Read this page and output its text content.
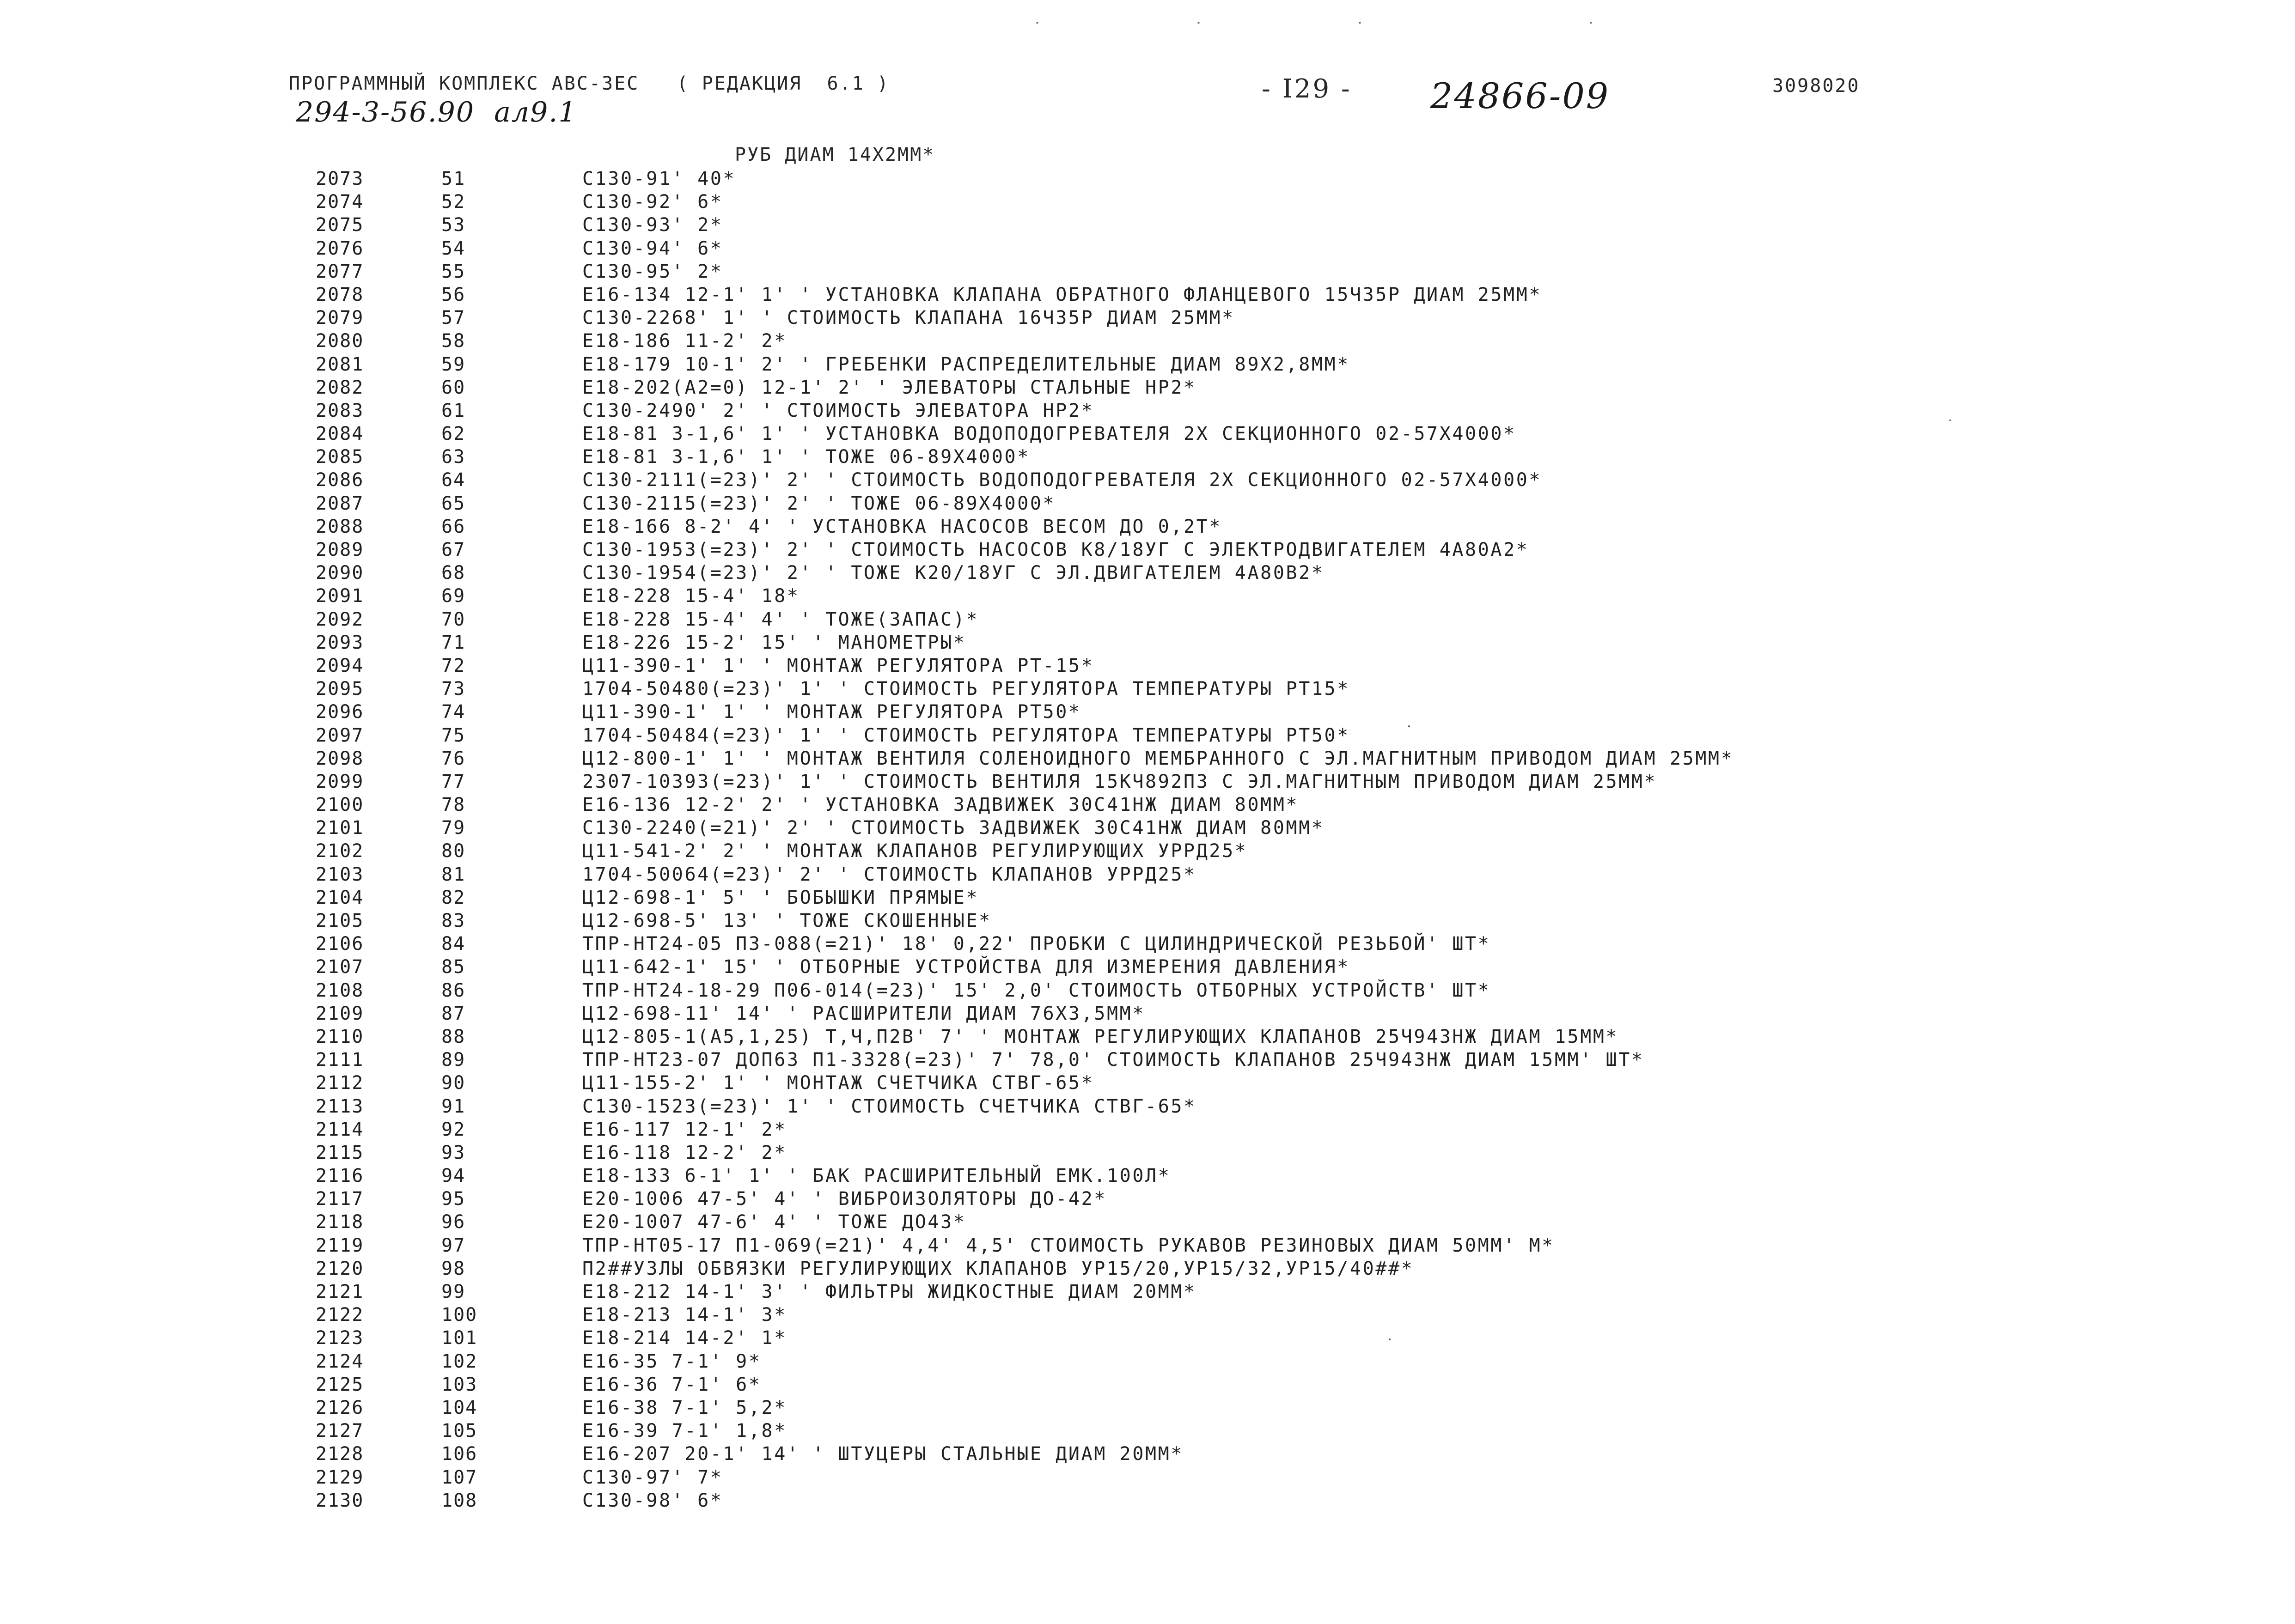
ПРОГРАММНЫЙ КОМПЛЕКС АВС-ЗЕС   ( РЕДАКЦИЯ  6.1 )	- I29 - 24866-09	3098020
294-3-56.90  ал9.1
РУБ ДИАМ 14Х2ММ*
2073	51	С130-91' 40*
2074	52	С130-92' 6*
2075	53	С130-93' 2*
2076	54	С130-94' 6*
2077	55	С130-95' 2*
2078	56	Е16-134 12-1' 1' ' УСТАНОВКА КЛАПАНА ОБРАТНОГО ФЛАНЦЕВОГО 15Ч35Р ДИАМ 25ММ*
2079	57	С130-2268' 1' ' СТОИМОСТЬ КЛАПАНА 16Ч35Р ДИАМ 25ММ*
2080	58	Е18-186 11-2' 2*
2081	59	Е18-179 10-1' 2' ' ГРЕБЕНКИ РАСПРЕДЕЛИТЕЛЬНЫЕ ДИАМ 89Х2,8ММ*
2082	60	Е18-202(А2=0) 12-1' 2' ' ЭЛЕВАТОРЫ СТАЛЬНЫЕ НР2*
2083	61	С130-2490' 2' ' СТОИМОСТЬ ЭЛЕВАТОРА НР2*
2084	62	Е18-81 3-1,6' 1' ' УСТАНОВКА ВОДОПОДОГРЕВАТЕЛЯ 2Х СЕКЦИОННОГО 02-57Х4000*
2085	63	Е18-81 3-1,6' 1' ' ТОЖЕ 06-89Х4000*
2086	64	С130-2111(=23)' 2' ' СТОИМОСТЬ ВОДОПОДОГРЕВАТЕЛЯ 2Х СЕКЦИОННОГО 02-57Х4000*
2087	65	С130-2115(=23)' 2' ' ТОЖЕ 06-89Х4000*
2088	66	Е18-166 8-2' 4' ' УСТАНОВКА НАСОСОВ ВЕСОМ ДО 0,2Т*
2089	67	С130-1953(=23)' 2' ' СТОИМОСТЬ НАСОСОВ К8/18УГ С ЭЛЕКТРОДВИГАТЕЛЕМ 4А80А2*
2090	68	С130-1954(=23)' 2' ' ТОЖЕ К20/18УГ С ЭЛ.ДВИГАТЕЛЕМ 4А80В2*
2091	69	Е18-228 15-4' 18*
2092	70	Е18-228 15-4' 4' ' ТОЖЕ(ЗАПАС)*
2093	71	Е18-226 15-2' 15' ' МАНОМЕТРЫ*
2094	72	Ц11-390-1' 1' ' МОНТАЖ РЕГУЛЯТОРА РТ-15*
2095	73	1704-50480(=23)' 1' ' СТОИМОСТЬ РЕГУЛЯТОРА ТЕМПЕРАТУРЫ РТ15*
2096	74	Ц11-390-1' 1' ' МОНТАЖ РЕГУЛЯТОРА РТ50*
2097	75	1704-50484(=23)' 1' ' СТОИМОСТЬ РЕГУЛЯТОРА ТЕМПЕРАТУРЫ РТ50*
2098	76	Ц12-800-1' 1' ' МОНТАЖ ВЕНТИЛЯ СОЛЕНОИДНОГО МЕМБРАННОГО С ЭЛ.МАГНИТНЫМ ПРИВОДОМ ДИАМ 25ММ*
2099	77	2307-10393(=23)' 1' ' СТОИМОСТЬ ВЕНТИЛЯ 15КЧ892П3 С ЭЛ.МАГНИТНЫМ ПРИВОДОМ ДИАМ 25ММ*
2100	78	Е16-136 12-2' 2' ' УСТАНОВКА ЗАДВИЖЕК 30С41НЖ ДИАМ 80ММ*
2101	79	С130-2240(=21)' 2' ' СТОИМОСТЬ ЗАДВИЖЕК 30С41НЖ ДИАМ 80ММ*
2102	80	Ц11-541-2' 2' ' МОНТАЖ КЛАПАНОВ РЕГУЛИРУЮЩИХ УРРД25*
2103	81	1704-50064(=23)' 2' ' СТОИМОСТЬ КЛАПАНОВ УРРД25*
2104	82	Ц12-698-1' 5' ' БОБЫШКИ ПРЯМЫЕ*
2105	83	Ц12-698-5' 13' ' ТОЖЕ СКОШЕННЫЕ*
2106	84	ТПР-НТ24-05 П3-088(=21)' 18' 0,22' ПРОБКИ С ЦИЛИНДРИЧЕСКОЙ РЕЗЬБОЙ' ШТ*
2107	85	Ц11-642-1' 15' ' ОТБОРНЫЕ УСТРОЙСТВА ДЛЯ ИЗМЕРЕНИЯ ДАВЛЕНИЯ*
2108	86	ТПР-НТ24-18-29 П06-014(=23)' 15' 2,0' СТОИМОСТЬ ОТБОРНЫХ УСТРОЙСТВ' ШТ*
2109	87	Ц12-698-11' 14' ' РАСШИРИТЕЛИ ДИАМ 76Х3,5ММ*
2110	88	Ц12-805-1(А5,1,25) Т,Ч,П2В' 7' ' МОНТАЖ РЕГУЛИРУЮЩИХ КЛАПАНОВ 25Ч943НЖ ДИАМ 15ММ*
2111	89	ТПР-НТ23-07 ДОП63 П1-3328(=23)' 7' 78,0' СТОИМОСТЬ КЛАПАНОВ 25Ч943НЖ ДИАМ 15ММ' ШТ*
2112	90	Ц11-155-2' 1' ' МОНТАЖ СЧЕТЧИКА СТВГ-65*
2113	91	С130-1523(=23)' 1' ' СТОИМОСТЬ СЧЕТЧИКА СТВГ-65*
2114	92	Е16-117 12-1' 2*
2115	93	Е16-118 12-2' 2*
2116	94	Е18-133 6-1' 1' ' БАК РАСШИРИТЕЛЬНЫЙ ЕМК.100Л*
2117	95	Е20-1006 47-5' 4' ' ВИБРОИЗОЛЯТОРЫ ДО-42*
2118	96	Е20-1007 47-6' 4' ' ТОЖЕ ДО43*
2119	97	ТПР-НТ05-17 П1-069(=21)' 4,4' 4,5' СТОИМОСТЬ РУКАВОВ РЕЗИНОВЫХ ДИАМ 50ММ' М*
2120	98	П2##УЗЛЫ ОБВЯЗКИ РЕГУЛИРУЮЩИХ КЛАПАНОВ УР15/20,УР15/32,УР15/40##*
2121	99	Е18-212 14-1' 3' ' ФИЛЬТРЫ ЖИДКОСТНЫЕ ДИАМ 20ММ*
2122	100	Е18-213 14-1' 3*
2123	101	Е18-214 14-2' 1*
2124	102	Е16-35 7-1' 9*
2125	103	Е16-36 7-1' 6*
2126	104	Е16-38 7-1' 5,2*
2127	105	Е16-39 7-1' 1,8*
2128	106	Е16-207 20-1' 14' ' ШТУЦЕРЫ СТАЛЬНЫЕ ДИАМ 20ММ*
2129	107	С130-97' 7*
2130	108	С130-98' 6*
